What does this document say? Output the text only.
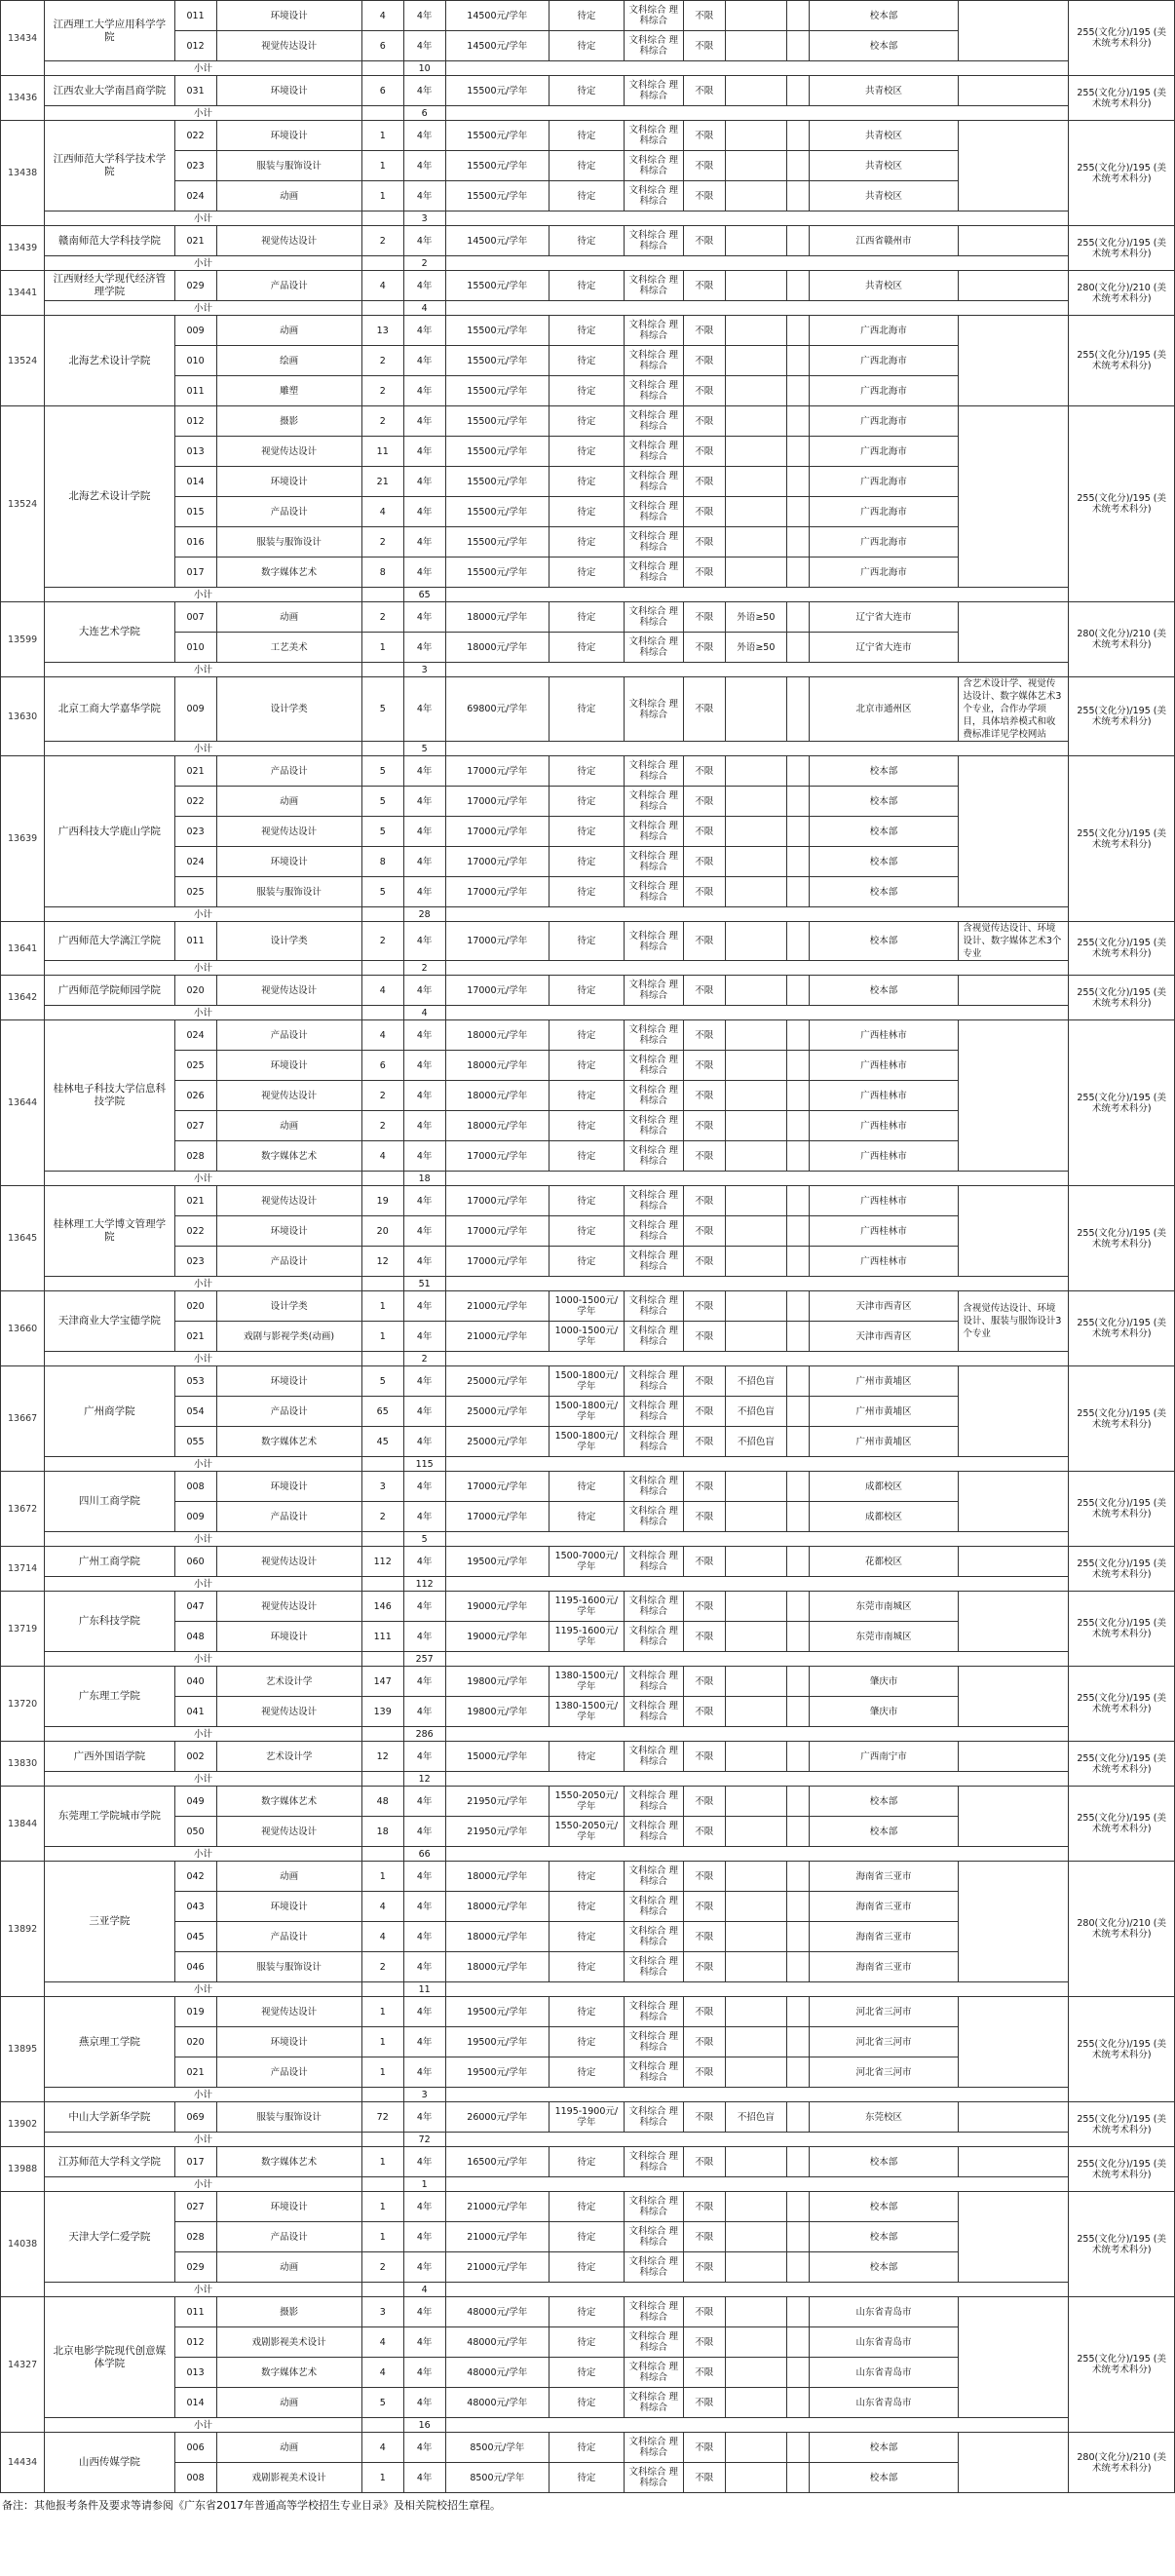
13434	江西理工大学应用科学学院	011	环境设计	4	4年	14500元/学年	待定	文科综合 理科综合	不限			校本部		255(文化分)/195 (美术统考术科分)
		012	视觉传达设计	6	4年	14500元/学年	待定	文科综合 理科综合	不限			校本部		
	小计				10									
13436	江西农业大学南昌商学院	031	环境设计	6	4年	15500元/学年	待定	文科综合 理科综合	不限			共青校区		255(文化分)/195 (美术统考术科分)
	小计				6									
13438	江西师范大学科学技术学院	022	环境设计	1	4年	15500元/学年	待定	文科综合 理科综合	不限			共青校区		255(文化分)/195 (美术统考术科分)
		023	服装与服饰设计	1	4年	15500元/学年	待定	文科综合 理科综合	不限			共青校区		
		024	动画	1	4年	15500元/学年	待定	文科综合 理科综合	不限			共青校区		
	小计				3									
13439	赣南师范大学科技学院	021	视觉传达设计	2	4年	14500元/学年	待定	文科综合 理科综合	不限			江西省赣州市		255(文化分)/195 (美术统考术科分)
	小计				2									
13441	江西财经大学现代经济管理学院	029	产品设计	4	4年	15500元/学年	待定	文科综合 理科综合	不限			共青校区		280(文化分)/210 (美术统考术科分)
	小计				4									
13524	北海艺术设计学院	009	动画	13	4年	15500元/学年	待定	文科综合 理科综合	不限			广西北海市		255(文化分)/195 (美术统考术科分)
		010	绘画	2	4年	15500元/学年	待定	文科综合 理科综合	不限			广西北海市		
		011	雕塑	2	4年	15500元/学年	待定	文科综合 理科综合	不限			广西北海市		
13524	北海艺术设计学院	012	摄影	2	4年	15500元/学年	待定	文科综合 理科综合	不限			广西北海市		255(文化分)/195 (美术统考术科分)
		013	视觉传达设计	11	4年	15500元/学年	待定	文科综合 理科综合	不限			广西北海市		
		014	环境设计	21	4年	15500元/学年	待定	文科综合 理科综合	不限			广西北海市		
		015	产品设计	4	4年	15500元/学年	待定	文科综合 理科综合	不限			广西北海市		
		016	服装与服饰设计	2	4年	15500元/学年	待定	文科综合 理科综合	不限			广西北海市		
		017	数字媒体艺术	8	4年	15500元/学年	待定	文科综合 理科综合	不限			广西北海市		
	小计				65									
13599	大连艺术学院	007	动画	2	4年	18000元/学年	待定	文科综合 理科综合	不限	外语≥50		辽宁省大连市		280(文化分)/210 (美术统考术科分)
		010	工艺美术	1	4年	18000元/学年	待定	文科综合 理科综合	不限	外语≥50		辽宁省大连市		
	小计				3									
13630	北京工商大学嘉华学院	009	设计学类	5	4年	69800元/学年	待定	文科综合 理科综合	不限			北京市通州区	含艺术设计学、视觉传达设计、数字媒体艺术3个专业，合作办学项目，具体培养模式和收费标准详见学校网站	255(文化分)/195 (美术统考术科分)
	小计				5									
13639	广西科技大学鹿山学院	021	产品设计	5	4年	17000元/学年	待定	文科综合 理科综合	不限			校本部		255(文化分)/195 (美术统考术科分)
		022	动画	5	4年	17000元/学年	待定	文科综合 理科综合	不限			校本部		
		023	视觉传达设计	5	4年	17000元/学年	待定	文科综合 理科综合	不限			校本部		
		024	环境设计	8	4年	17000元/学年	待定	文科综合 理科综合	不限			校本部		
		025	服装与服饰设计	5	4年	17000元/学年	待定	文科综合 理科综合	不限			校本部		
	小计				28									
13641	广西师范大学漓江学院	011	设计学类	2	4年	17000元/学年	待定	文科综合 理科综合	不限			校本部	含视觉传达设计、环境设计、数字媒体艺术3个专业	255(文化分)/195 (美术统考术科分)
	小计				2									
13642	广西师范学院师园学院	020	视觉传达设计	4	4年	17000元/学年	待定	文科综合 理科综合	不限			校本部		255(文化分)/195 (美术统考术科分)
	小计				4									
13644	桂林电子科技大学信息科技学院	024	产品设计	4	4年	18000元/学年	待定	文科综合 理科综合	不限			广西桂林市		255(文化分)/195 (美术统考术科分)
		025	环境设计	6	4年	18000元/学年	待定	文科综合 理科综合	不限			广西桂林市		
		026	视觉传达设计	2	4年	18000元/学年	待定	文科综合 理科综合	不限			广西桂林市		
		027	动画	2	4年	18000元/学年	待定	文科综合 理科综合	不限			广西桂林市		
		028	数字媒体艺术	4	4年	17000元/学年	待定	文科综合 理科综合	不限			广西桂林市		
	小计				18									
13645	桂林理工大学博文管理学院	021	视觉传达设计	19	4年	17000元/学年	待定	文科综合 理科综合	不限			广西桂林市		255(文化分)/195 (美术统考术科分)
		022	环境设计	20	4年	17000元/学年	待定	文科综合 理科综合	不限			广西桂林市		
		023	产品设计	12	4年	17000元/学年	待定	文科综合 理科综合	不限			广西桂林市		
	小计				51									
13660	天津商业大学宝德学院	020	设计学类	1	4年	21000元/学年	1000-1500元/学年	文科综合 理科综合	不限			天津市西青区	含视觉传达设计、环境设计、服装与服饰设计3个专业	255(文化分)/195 (美术统考术科分)
		021	戏剧与影视学类(动画)	1	4年	21000元/学年	1000-1500元/学年	文科综合 理科综合	不限			天津市西青区		
	小计				2									
13667	广州商学院	053	环境设计	5	4年	25000元/学年	1500-1800元/学年	文科综合 理科综合	不限	不招色盲		广州市黄埔区		255(文化分)/195 (美术统考术科分)
		054	产品设计	65	4年	25000元/学年	1500-1800元/学年	文科综合 理科综合	不限	不招色盲		广州市黄埔区		
		055	数字媒体艺术	45	4年	25000元/学年	1500-1800元/学年	文科综合 理科综合	不限	不招色盲		广州市黄埔区		
	小计				115									
13672	四川工商学院	008	环境设计	3	4年	17000元/学年	待定	文科综合 理科综合	不限			成都校区		255(文化分)/195 (美术统考术科分)
		009	产品设计	2	4年	17000元/学年	待定	文科综合 理科综合	不限			成都校区		
	小计				5									
13714	广州工商学院	060	视觉传达设计	112	4年	19500元/学年	1500-7000元/学年	文科综合 理科综合	不限			花都校区		255(文化分)/195 (美术统考术科分)
	小计				112									
13719	广东科技学院	047	视觉传达设计	146	4年	19000元/学年	1195-1600元/学年	文科综合 理科综合	不限			东莞市南城区		255(文化分)/195 (美术统考术科分)
		048	环境设计	111	4年	19000元/学年	1195-1600元/学年	文科综合 理科综合	不限			东莞市南城区		
	小计				257									
13720	广东理工学院	040	艺术设计学	147	4年	19800元/学年	1380-1500元/学年	文科综合 理科综合	不限			肇庆市		255(文化分)/195 (美术统考术科分)
		041	视觉传达设计	139	4年	19800元/学年	1380-1500元/学年	文科综合 理科综合	不限			肇庆市		
	小计				286									
13830	广西外国语学院	002	艺术设计学	12	4年	15000元/学年	待定	文科综合 理科综合	不限			广西南宁市		255(文化分)/195 (美术统考术科分)
	小计				12									
13844	东莞理工学院城市学院	049	数字媒体艺术	48	4年	21950元/学年	1550-2050元/学年	文科综合 理科综合	不限			校本部		255(文化分)/195 (美术统考术科分)
		050	视觉传达设计	18	4年	21950元/学年	1550-2050元/学年	文科综合 理科综合	不限			校本部		
	小计				66									
13892	三亚学院	042	动画	1	4年	18000元/学年	待定	文科综合 理科综合	不限			海南省三亚市		280(文化分)/210 (美术统考术科分)
		043	环境设计	4	4年	18000元/学年	待定	文科综合 理科综合	不限			海南省三亚市		
		045	产品设计	4	4年	18000元/学年	待定	文科综合 理科综合	不限			海南省三亚市		
		046	服装与服饰设计	2	4年	18000元/学年	待定	文科综合 理科综合	不限			海南省三亚市		
	小计				11									
13895	燕京理工学院	019	视觉传达设计	1	4年	19500元/学年	待定	文科综合 理科综合	不限			河北省三河市		255(文化分)/195 (美术统考术科分)
		020	环境设计	1	4年	19500元/学年	待定	文科综合 理科综合	不限			河北省三河市		
		021	产品设计	1	4年	19500元/学年	待定	文科综合 理科综合	不限			河北省三河市		
	小计				3									
13902	中山大学新华学院	069	服装与服饰设计	72	4年	26000元/学年	1195-1900元/学年	文科综合 理科综合	不限	不招色盲		东莞校区		255(文化分)/195 (美术统考术科分)
	小计				72									
13988	江苏师范大学科文学院	017	数字媒体艺术	1	4年	16500元/学年	待定	文科综合 理科综合	不限			校本部		255(文化分)/195 (美术统考术科分)
	小计				1									
14038	天津大学仁爱学院	027	环境设计	1	4年	21000元/学年	待定	文科综合 理科综合	不限			校本部		255(文化分)/195 (美术统考术科分)
		028	产品设计	1	4年	21000元/学年	待定	文科综合 理科综合	不限			校本部		
		029	动画	2	4年	21000元/学年	待定	文科综合 理科综合	不限			校本部		
	小计				4									
14327	北京电影学院现代创意媒体学院	011	摄影	3	4年	48000元/学年	待定	文科综合 理科综合	不限			山东省青岛市		255(文化分)/195 (美术统考术科分)
		012	戏剧影视美术设计	4	4年	48000元/学年	待定	文科综合 理科综合	不限			山东省青岛市		
		013	数字媒体艺术	4	4年	48000元/学年	待定	文科综合 理科综合	不限			山东省青岛市		
		014	动画	5	4年	48000元/学年	待定	文科综合 理科综合	不限			山东省青岛市		
	小计				16									
14434	山西传媒学院	006	动画	4	4年	8500元/学年	待定	文科综合 理科综合	不限			校本部		280(文化分)/210 (美术统考术科分)
		008	戏剧影视美术设计	1	4年	8500元/学年	待定	文科综合 理科综合	不限			校本部		
备注：其他报考条件及要求等请参阅《广东省2017年普通高等学校招生专业目录》及相关院校招生章程。
